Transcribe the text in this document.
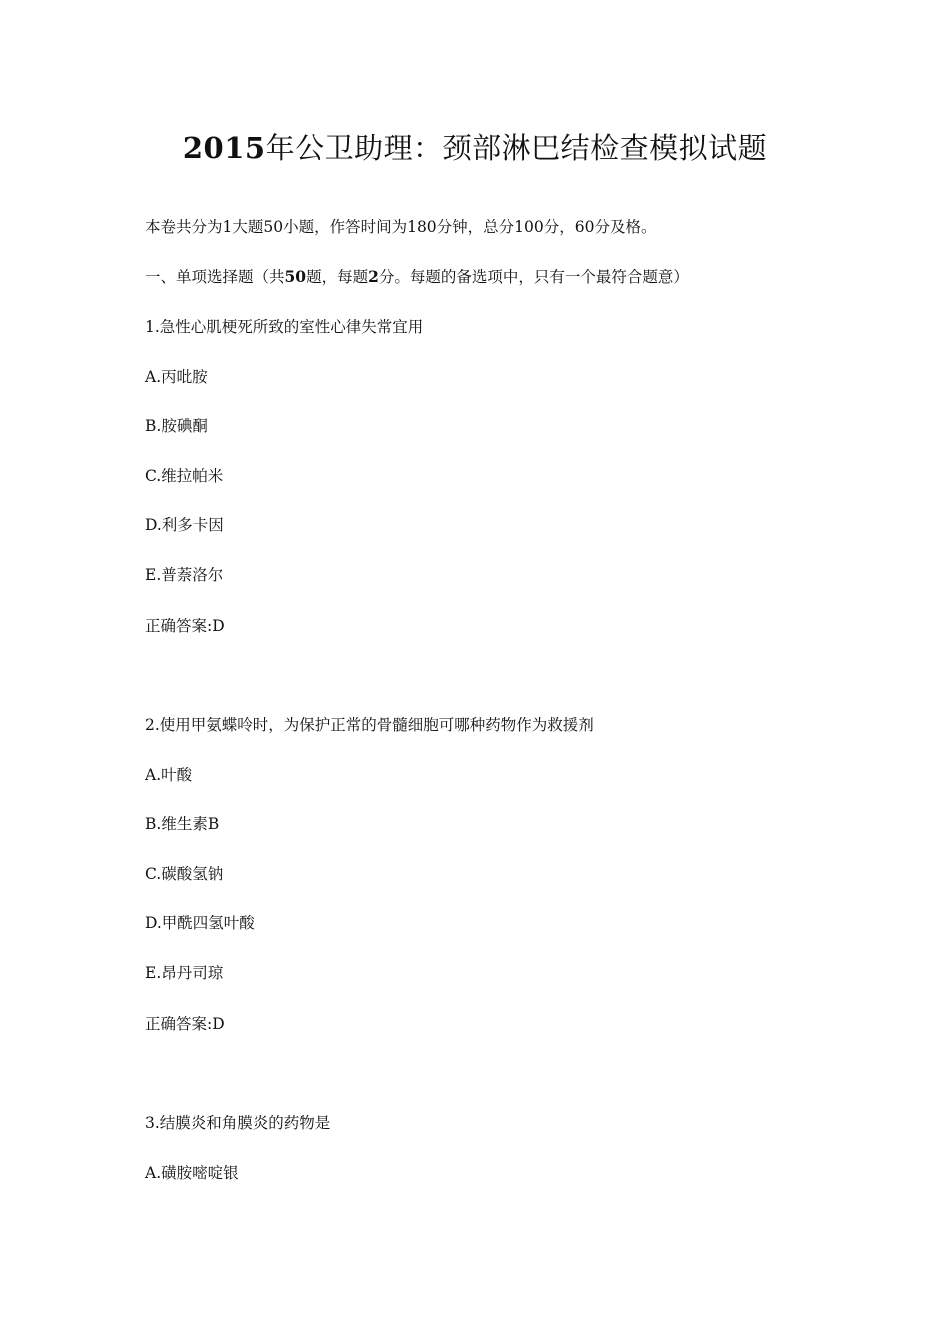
2015年公卫助理：颈部淋巴结检查模拟试题
本卷共分为1大题50小题，作答时间为180分钟，总分100分，60分及格。
一、单项选择题（共50题，每题2分。每题的备选项中，只有一个最符合题意）
1.急性心肌梗死所致的室性心律失常宜用
A.丙吡胺
B.胺碘酮
C.维拉帕米
D.利多卡因
E.普萘洛尔
正确答案:D
2.使用甲氨蝶呤时，为保护正常的骨髓细胞可哪种药物作为救援剂
A.叶酸
B.维生素B
C.碳酸氢钠
D.甲酰四氢叶酸
E.昂丹司琼
正确答案:D
3.结膜炎和角膜炎的药物是
A.磺胺嘧啶银
